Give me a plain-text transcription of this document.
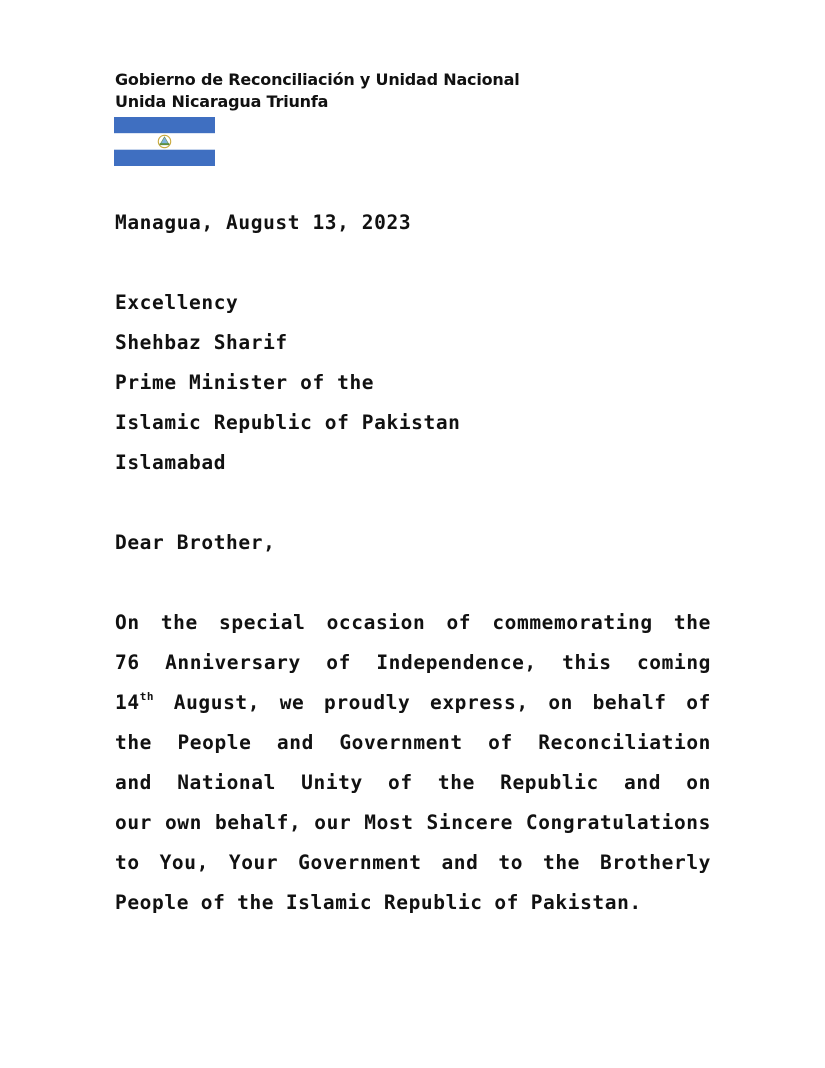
Gobierno de Reconciliación y Unidad Nacional
Unida Nicaragua Triunfa
Managua, August 13, 2023
Excellency
Shehbaz Sharif
Prime Minister of the
Islamic Republic of Pakistan
Islamabad
Dear Brother,
On the special occasion of commemorating the
76 Anniversary of Independence, this coming
14th August, we proudly express, on behalf of
the People and Government of Reconciliation
and National Unity of the Republic and on
our own behalf, our Most Sincere Congratulations
to You, Your Government and to the Brotherly
People of the Islamic Republic of Pakistan.
